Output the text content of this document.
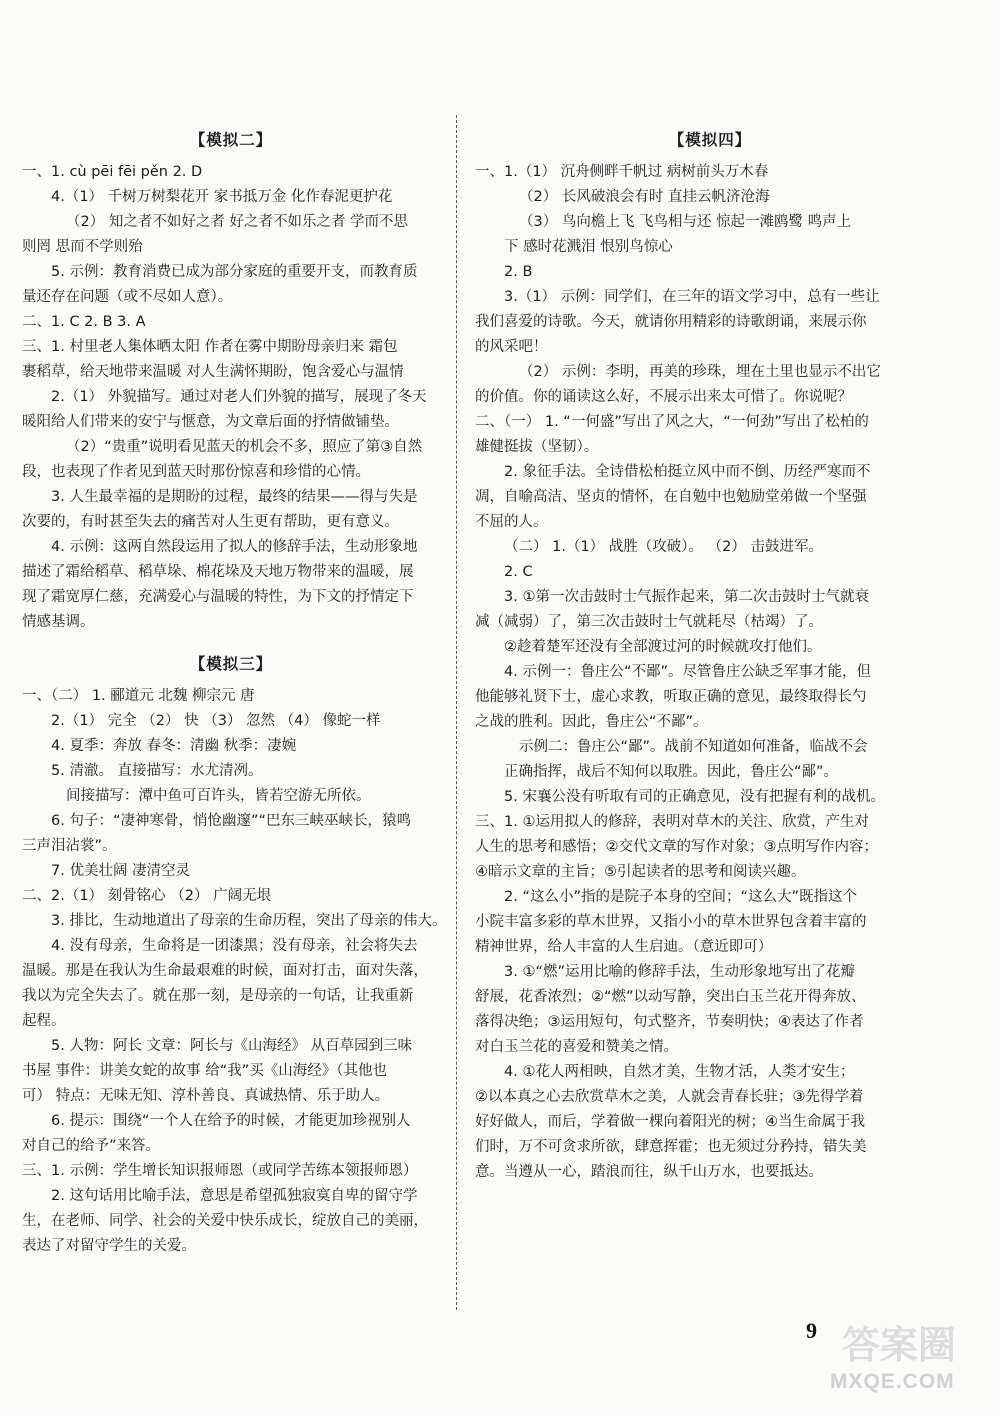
【模拟二】
一、1. cù pēi fēi pěn 2. D
4.（1） 千树万树梨花开 家书抵万金 化作春泥更护花
（2） 知之者不如好之者 好之者不如乐之者 学而不思
则罔 思而不学则殆
5. 示例：教育消费已成为部分家庭的重要开支，而教育质
量还存在问题（或不尽如人意）。
二、1. C 2. B 3. A
三、1. 村里老人集体晒太阳 作者在雾中期盼母亲归来 霜包
裹稻草，给天地带来温暖 对人生满怀期盼，饱含爱心与温情
2.（1） 外貌描写。通过对老人们外貌的描写，展现了冬天
暖阳给人们带来的安宁与惬意，为文章后面的抒情做铺垫。
（2）“贵重”说明看见蓝天的机会不多，照应了第③自然
段，也表现了作者见到蓝天时那份惊喜和珍惜的心情。
3. 人生最幸福的是期盼的过程，最终的结果——得与失是
次要的，有时甚至失去的痛苦对人生更有帮助，更有意义。
4. 示例：这两自然段运用了拟人的修辞手法，生动形象地
描述了霜给稻草、稻草垛、棉花垛及天地万物带来的温暖，展
现了霜宽厚仁慈，充满爱心与温暖的特性，为下文的抒情定下
情感基调。
【模拟三】
一、（二） 1. 郦道元 北魏 柳宗元 唐
2.（1） 完全 （2） 快 （3） 忽然 （4） 像蛇一样
4. 夏季：奔放 春冬：清幽 秋季：凄婉
5. 清澈。 直接描写：水尤清冽。
间接描写：潭中鱼可百许头，皆若空游无所依。
6. 句子：“凄神寒骨，悄怆幽邃”“巴东三峡巫峡长，猿鸣
三声泪沾裳”。
7. 优美壮阔 凄清空灵
二、2.（1） 刻骨铭心 （2） 广阔无垠
3. 排比，生动地道出了母亲的生命历程，突出了母亲的伟大。
4. 没有母亲，生命将是一团漆黑；没有母亲，社会将失去
温暖。那是在我认为生命最艰难的时候，面对打击，面对失落，
我以为完全失去了。就在那一刻，是母亲的一句话，让我重新
起程。
5. 人物：阿长 文章：阿长与《山海经》 从百草园到三味
书屋 事件：讲美女蛇的故事 给“我”买《山海经》（其他也
可） 特点：无味无知、淳朴善良、真诚热情、乐于助人。
6. 提示：围绕“一个人在给予的时候，才能更加珍视别人
对自己的给予”来答。
三、1. 示例：学生增长知识报师恩（或同学苦练本领报师恩）
2. 这句话用比喻手法，意思是希望孤独寂寞自卑的留守学
生，在老师、同学、社会的关爱中快乐成长，绽放自己的美丽，
表达了对留守学生的关爱。
【模拟四】
一、1.（1） 沉舟侧畔千帆过 病树前头万木春
（2） 长风破浪会有时 直挂云帆济沧海
（3） 鸟向檐上飞 飞鸟相与还 惊起一滩鸥鹭 鸣声上
下 感时花溅泪 恨别鸟惊心
2. B
3.（1） 示例：同学们，在三年的语文学习中，总有一些让
我们喜爱的诗歌。今天，就请你用精彩的诗歌朗诵，来展示你
的风采吧！
（2） 示例：李明，再美的珍珠，埋在土里也显示不出它
的价值。你的诵读这么好，不展示出来太可惜了。你说呢？
二、（一） 1. “一何盛”写出了风之大，“一何劲”写出了松柏的
雄健挺拔（坚韧）。
2. 象征手法。全诗借松柏挺立风中而不倒、历经严寒而不
凋，自喻高洁、坚贞的情怀，在自勉中也勉励堂弟做一个坚强
不屈的人。
（二） 1.（1） 战胜（攻破）。 （2） 击鼓进军。
2. C
3. ①第一次击鼓时士气振作起来，第二次击鼓时士气就衰
减（减弱）了，第三次击鼓时士气就耗尽（枯竭）了。
②趁着楚军还没有全部渡过河的时候就攻打他们。
4. 示例一：鲁庄公“不鄙”。尽管鲁庄公缺乏军事才能，但
他能够礼贤下士，虚心求教，听取正确的意见，最终取得长勺
之战的胜利。因此，鲁庄公“不鄙”。
示例二：鲁庄公“鄙”。战前不知道如何准备，临战不会
正确指挥，战后不知何以取胜。因此，鲁庄公“鄙”。
5. 宋襄公没有听取有司的正确意见，没有把握有利的战机。
三、1. ①运用拟人的修辞，表明对草木的关注、欣赏，产生对
人生的思考和感悟；②交代文章的写作对象；③点明写作内容；
④暗示文章的主旨；⑤引起读者的思考和阅读兴趣。
2. “这么小”指的是院子本身的空间；“这么大”既指这个
小院丰富多彩的草木世界，又指小小的草木世界包含着丰富的
精神世界，给人丰富的人生启迪。（意近即可）
3. ①“燃”运用比喻的修辞手法，生动形象地写出了花瓣
舒展，花香浓烈；②“燃”以动写静，突出白玉兰花开得奔放、
落得决绝；③运用短句，句式整齐，节奏明快；④表达了作者
对白玉兰花的喜爱和赞美之情。
4. ①花人两相映，自然才美，生物才活，人类才安生；
②以本真之心去欣赏草木之美，人就会青春长驻；③先得学着
好好做人，而后，学着做一棵向着阳光的树；④当生命属于我
们时，万不可贪求所欲，肆意挥霍；也无须过分矜持，错失美
意。当遵从一心，踏浪而往，纵千山万水，也要抵达。
9 答案圈
MXQE.COM
